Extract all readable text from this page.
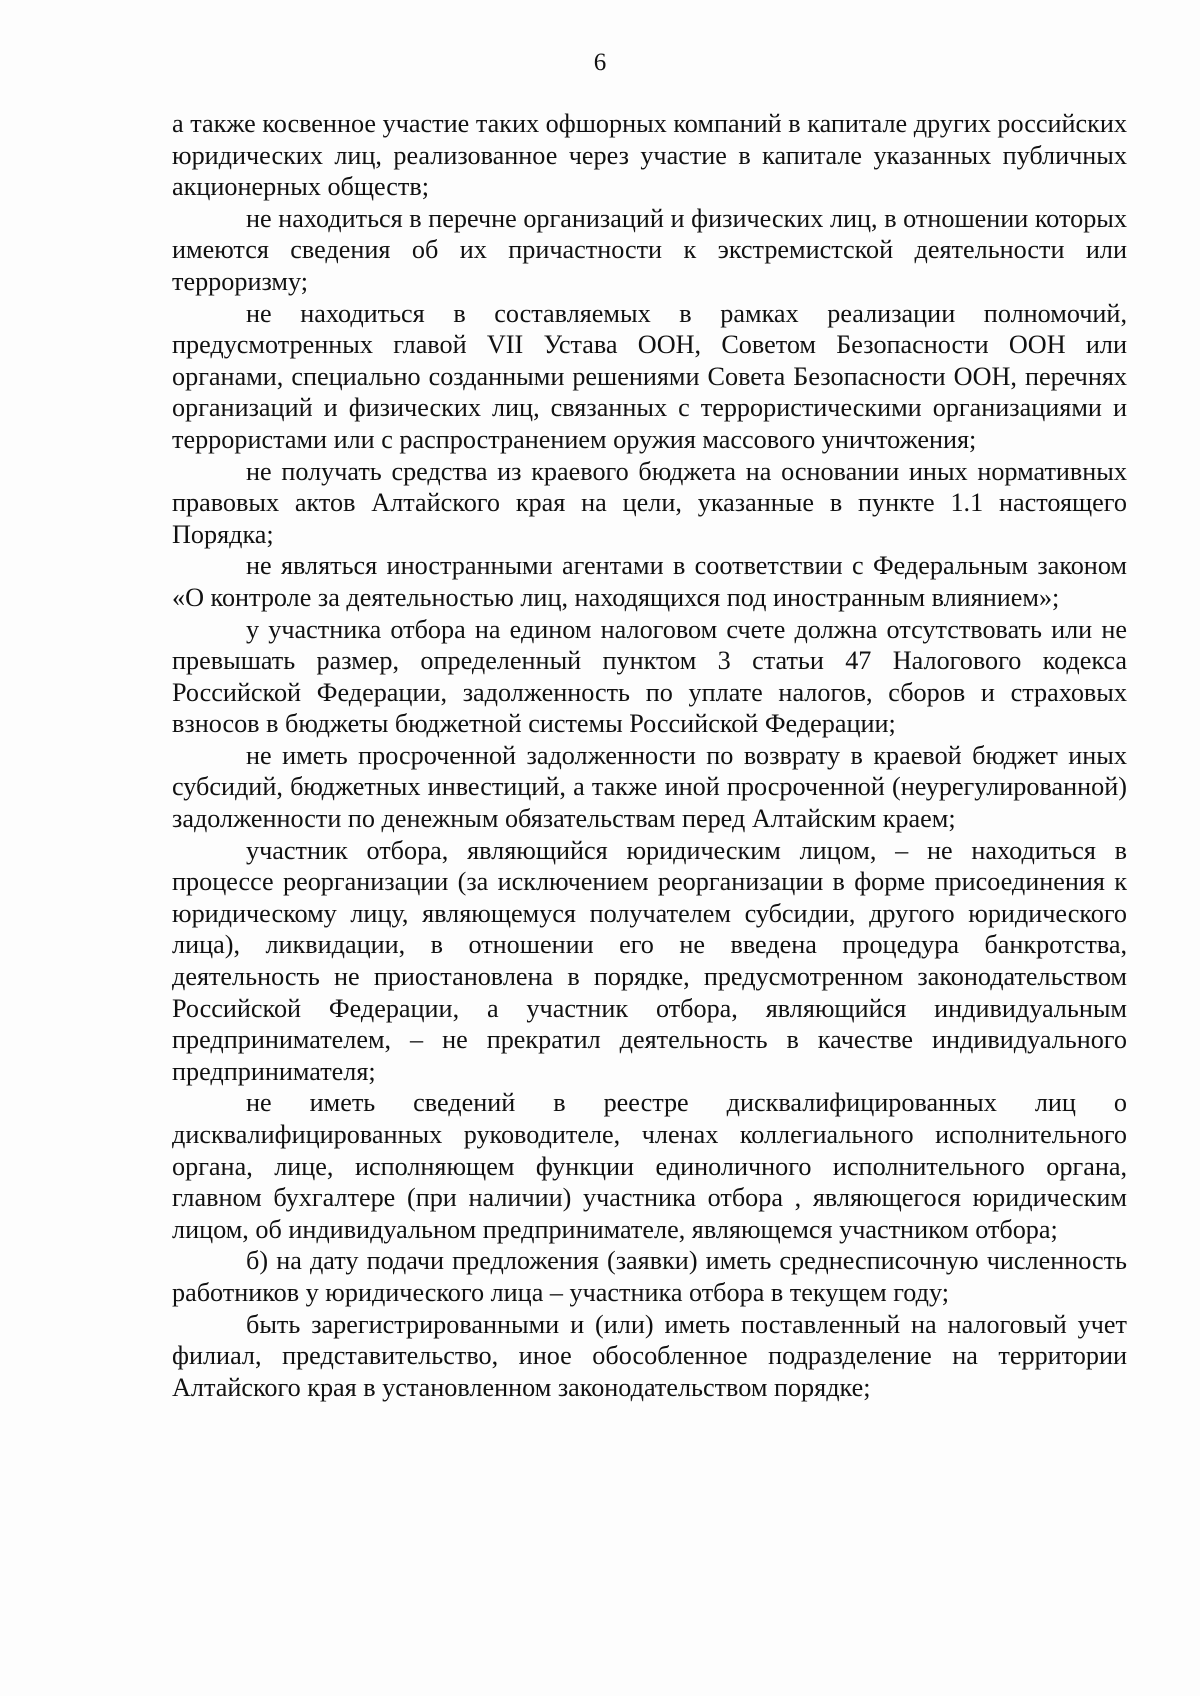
6

а также косвенное участие таких офшорных компаний в капитале других российских юридических лиц, реализованное через участие в капитале указанных публичных акционерных обществ;

не находиться в перечне организаций и физических лиц, в отношении которых имеются сведения об их причастности к экстремистской деятельности или терроризму;

не находиться в составляемых в рамках реализации полномочий, предусмотренных главой VII Устава ООН, Советом Безопасности ООН или органами, специально созданными решениями Совета Безопасности ООН, перечнях организаций и физических лиц, связанных с террористическими организациями и террористами или с распространением оружия массового уничтожения;

не получать средства из краевого бюджета на основании иных нормативных правовых актов Алтайского края на цели, указанные в пункте 1.1 настоящего Порядка;

не являться иностранными агентами в соответствии с Федеральным законом «О контроле за деятельностью лиц, находящихся под иностранным влиянием»;

у участника отбора на едином налоговом счете должна отсутствовать или не превышать размер, определенный пунктом 3 статьи 47 Налогового кодекса Российской Федерации, задолженность по уплате налогов, сборов и страховых взносов в бюджеты бюджетной системы Российской Федерации;

не иметь просроченной задолженности по возврату в краевой бюджет иных субсидий, бюджетных инвестиций, а также иной просроченной (неурегулированной) задолженности по денежным обязательствам перед Алтайским краем;

участник отбора, являющийся юридическим лицом, – не находиться в процессе реорганизации (за исключением реорганизации в форме присоединения к юридическому лицу, являющемуся получателем субсидии, другого юридического лица), ликвидации, в отношении его не введена процедура банкротства, деятельность не приостановлена в порядке, предусмотренном законодательством Российской Федерации, а участник отбора, являющийся индивидуальным предпринимателем, – не прекратил деятельность в качестве индивидуального предпринимателя;

не иметь сведений в реестре дисквалифицированных лиц о дисквалифицированных руководителе, членах коллегиального исполнительного органа, лице, исполняющем функции единоличного исполнительного органа, главном бухгалтере (при наличии) участника отбора , являющегося юридическим лицом, об индивидуальном предпринимателе, являющемся участником отбора;

б) на дату подачи предложения (заявки) иметь среднесписочную численность работников у юридического лица – участника отбора в текущем году;

быть зарегистрированными и (или) иметь поставленный на налоговый учет филиал, представительство, иное обособленное подразделение на территории Алтайского края в установленном законодательством порядке;
